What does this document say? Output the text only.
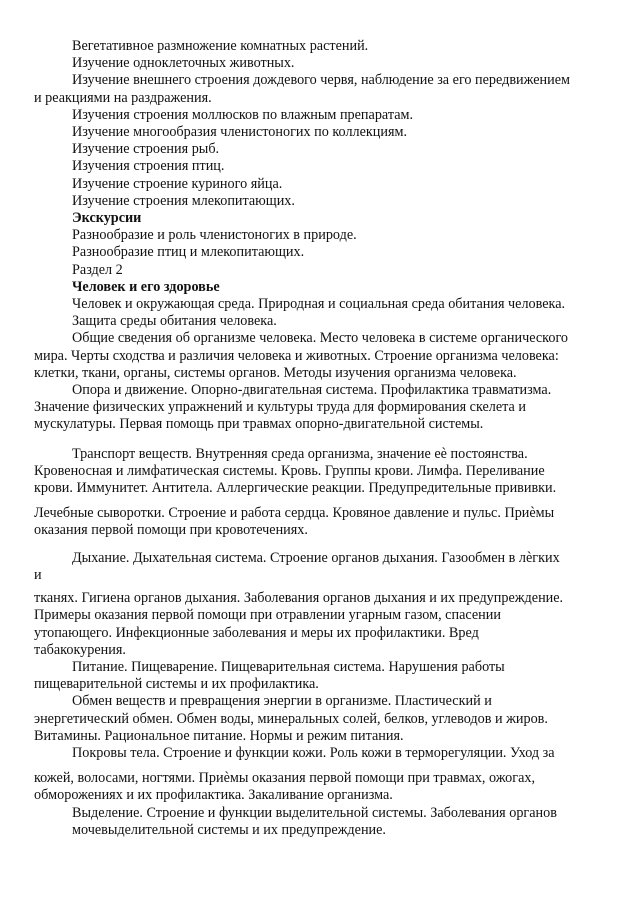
Вегетативное размножение комнатных растений.
Изучение одноклеточных животных.
Изучение внешнего строения дождевого червя, наблюдение за его передвижением
и реакциями на раздражения.
Изучения строения моллюсков по влажным препаратам.
Изучение многообразия членистоногих по коллекциям.
Изучение строения рыб.
Изучения строения птиц.
Изучение строение куриного яйца.
Изучение строения млекопитающих.
Экскурсии
Разнообразие и роль членистоногих в природе.
Разнообразие птиц и млекопитающих.
Раздел 2
Человек и его здоровье
Человек и окружающая среда. Природная и социальная среда обитания человека.
Защита среды обитания человека.
Общие сведения об организме человека. Место человека в системе органического
мира. Черты сходства и различия человека и животных. Строение организма человека:
клетки, ткани, органы, системы органов. Методы изучения организма человека.
Опора и движение. Опорно-двигательная система. Профилактика травматизма.
Значение физических упражнений и культуры труда для формирования скелета и
мускулатуры. Первая помощь при травмах опорно-двигательной системы.
Транспорт веществ. Внутренняя среда организма, значение еѐ постоянства.
Кровеносная и лимфатическая системы. Кровь. Группы крови. Лимфа. Переливание
крови. Иммунитет. Антитела. Аллергические реакции. Предупредительные прививки.
Лечебные сыворотки. Строение и работа сердца. Кровяное давление и пульс. Приѐмы
оказания первой помощи при кровотечениях.
Дыхание. Дыхательная система. Строение органов дыхания. Газообмен в лѐгких
и
тканях. Гигиена органов дыхания. Заболевания органов дыхания и их предупреждение.
Примеры оказания первой помощи при отравлении угарным газом, спасении
утопающего. Инфекционные заболевания и меры их профилактики. Вред
табакокурения.
Питание. Пищеварение. Пищеварительная система. Нарушения работы
пищеварительной системы и их профилактика.
Обмен веществ и превращения энергии в организме. Пластический и
энергетический обмен. Обмен воды, минеральных солей, белков, углеводов и жиров.
Витамины. Рациональное питание. Нормы и режим питания.
Покровы тела. Строение и функции кожи. Роль кожи в терморегуляции. Уход за
кожей, волосами, ногтями. Приѐмы оказания первой помощи при травмах, ожогах,
обморожениях и их профилактика. Закаливание организма.
Выделение. Строение и функции выделительной системы. Заболевания органов
мочевыделительной системы и их предупреждение.
